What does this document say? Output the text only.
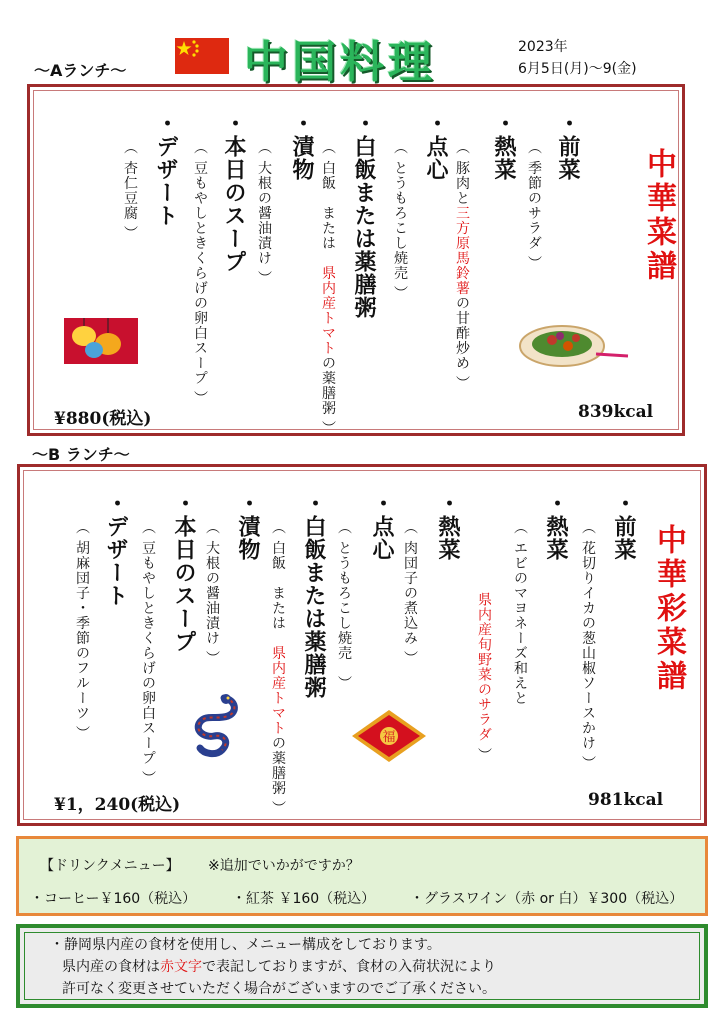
～Aランチ～	中国料理	2023年
6月5日(月)～9(金)
中華菜譜
・前菜
（ 季節のサラダ ）
・熱菜
（ 豚肉と三方原馬鈴薯の甘酢炒め ）
・点心
（ とうもろこし焼売 ）
・白飯または薬膳粥
（ 白飯　または　県内産トマトの薬膳粥 ）
・漬物
（ 大根の醤油漬け ）
・本日のスープ
（ 豆もやしときくらげの卵白スープ ）
・デザート
（ 杏仁豆腐 ）
¥880(税込)	839kcal
～B ランチ～
中華彩菜譜
・前菜
（ 花切りイカの葱山椒ソースかけ ）
・熱菜
（ エビのマヨネーズ和えと
県内産旬野菜のサラダ ）
・熱菜
（ 肉団子の煮込み ）
・点心
（ とうもろこし焼売　）
・白飯または薬膳粥
（ 白飯　または　県内産トマトの薬膳粥 ）
・漬物
（ 大根の醤油漬け ）
・本日のスープ
（ 豆もやしときくらげの卵白スープ ）
・デザート
（ 胡麻団子・季節のフルーツ ）	福
¥1，240(税込)	981kcal
【ドリンクメニュー】 ※追加でいかがですか？
・コーヒー￥160（税込）	・紅茶 ￥160（税込） ・グラスワイン（赤 or 白）￥300（税込）
・静岡県内産の食材を使用し、メニュー構成をしております。
県内産の食材は赤文字で表記しておりますが、食材の入荷状況により
許可なく変更させていただく場合がございますのでご了承ください。
